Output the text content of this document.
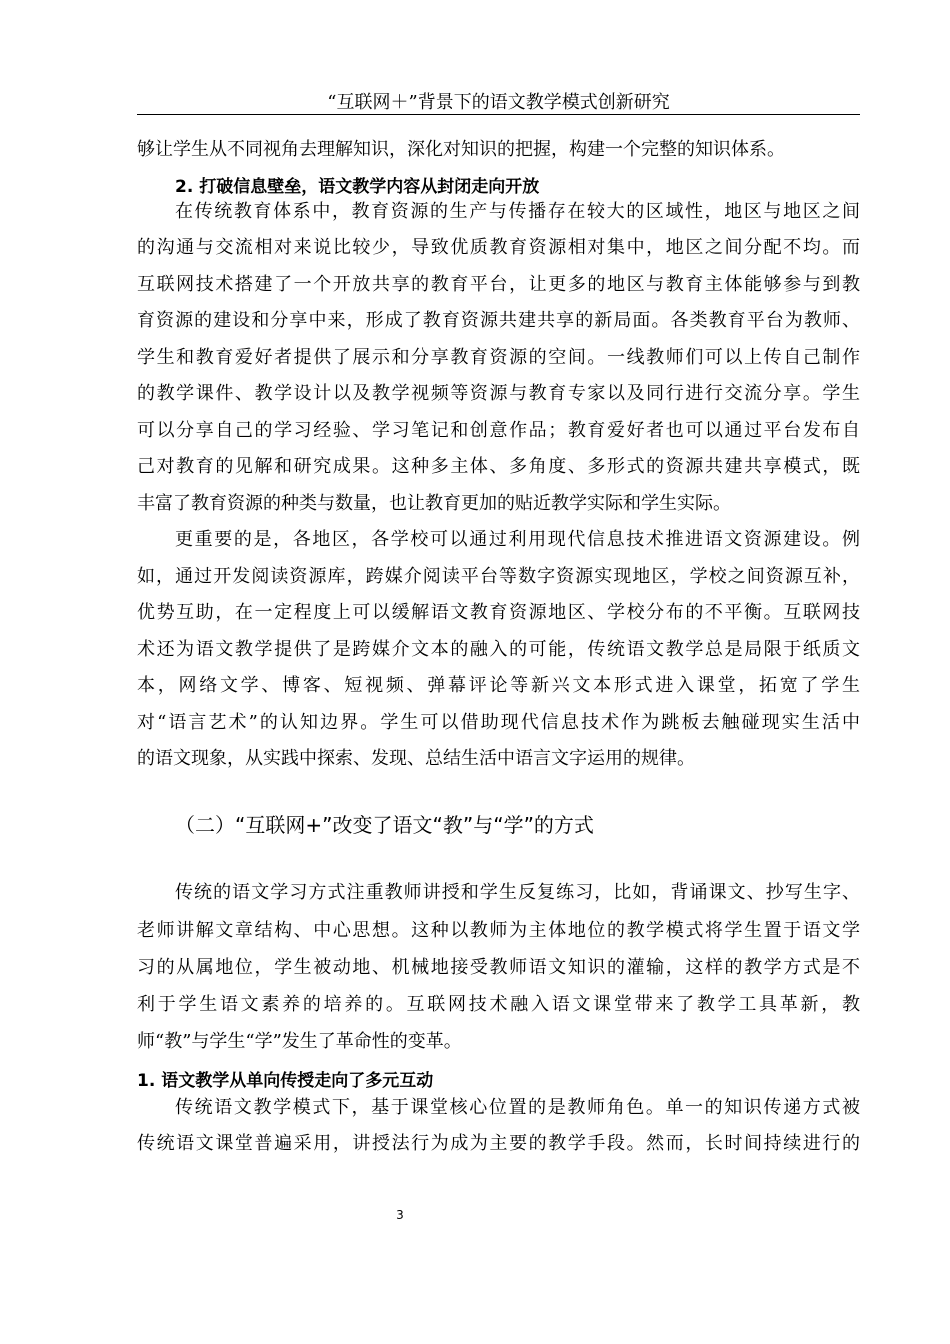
“互联网＋”背景下的语文教学模式创新研究
够让学生从不同视角去理解知识，深化对知识的把握，构建一个完整的知识体系。
2. 打破信息壁垒，语文教学内容从封闭走向开放
在传统教育体系中，教育资源的生产与传播存在较大的区域性，地区与地区之间
的沟通与交流相对来说比较少，导致优质教育资源相对集中，地区之间分配不均。而
互联网技术搭建了一个开放共享的教育平台，让更多的地区与教育主体能够参与到教
育资源的建设和分享中来，形成了教育资源共建共享的新局面。各类教育平台为教师、
学生和教育爱好者提供了展示和分享教育资源的空间。一线教师们可以上传自己制作
的教学课件、教学设计以及教学视频等资源与教育专家以及同行进行交流分享。学生
可以分享自己的学习经验、学习笔记和创意作品；教育爱好者也可以通过平台发布自
己对教育的见解和研究成果。这种多主体、多角度、多形式的资源共建共享模式，既
丰富了教育资源的种类与数量，也让教育更加的贴近教学实际和学生实际。
更重要的是，各地区，各学校可以通过利用现代信息技术推进语文资源建设。例
如，通过开发阅读资源库，跨媒介阅读平台等数字资源实现地区，学校之间资源互补，
优势互助，在一定程度上可以缓解语文教育资源地区、学校分布的不平衡。互联网技
术还为语文教学提供了是跨媒介文本的融入的可能，传统语文教学总是局限于纸质文
本，网络文学、博客、短视频、弹幕评论等新兴文本形式进入课堂，拓宽了学生
对“语言艺术”的认知边界。学生可以借助现代信息技术作为跳板去触碰现实生活中
的语文现象，从实践中探索、发现、总结生活中语言文字运用的规律。
（二）“互联网+”改变了语文“教”与“学”的方式
传统的语文学习方式注重教师讲授和学生反复练习，比如，背诵课文、抄写生字、
老师讲解文章结构、中心思想。这种以教师为主体地位的教学模式将学生置于语文学
习的从属地位，学生被动地、机械地接受教师语文知识的灌输，这样的教学方式是不
利于学生语文素养的培养的。互联网技术融入语文课堂带来了教学工具革新，教
师“教”与学生“学”发生了革命性的变革。
1. 语文教学从单向传授走向了多元互动
传统语文教学模式下，基于课堂核心位置的是教师角色。单一的知识传递方式被
传统语文课堂普遍采用，讲授法行为成为主要的教学手段。然而，长时间持续进行的
3
